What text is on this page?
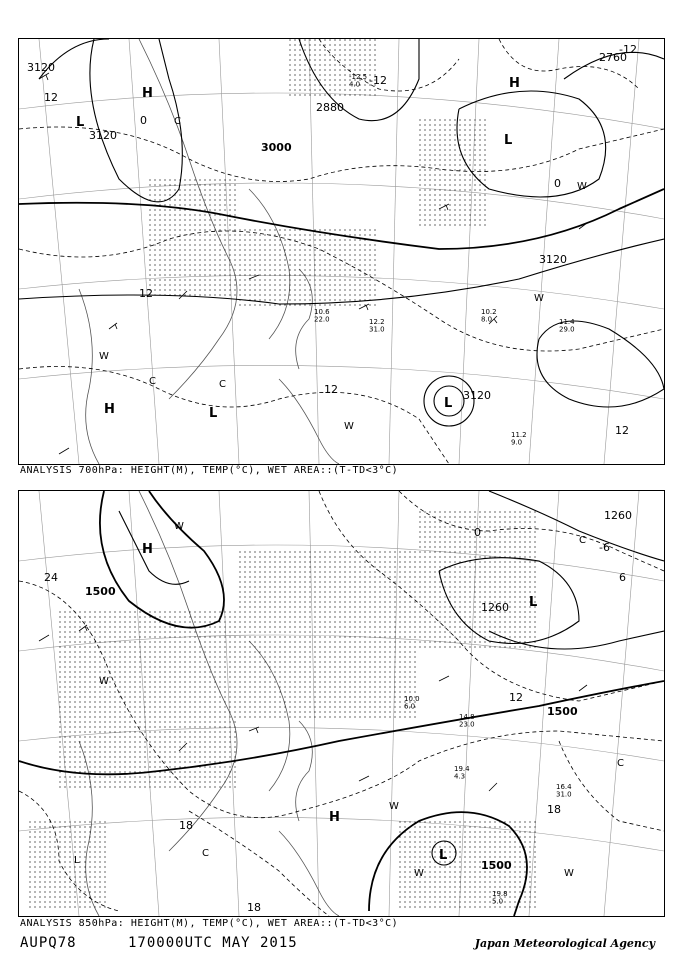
3120
3120
2880
3000
3120
3120
2760
12
12
12
-12
0
0
12
-12
H
L
L
L
H
H
L
W
W
W
C
C
C
W
10.2 8.0	11.4 29.0
12.2 31.0
11.2 9.0
-12.5 4.0
10.6 22.0
ANALYSIS 700hPa: HEIGHT(M), TEMP(°C), WET AREA::(T-TD<3°C)
1500
1500
1500
1260
1260
24
18
18
18
12
6
0
-6
H
L
L
H
C
W
W
W	W
C
L
C
W
19.8 5.0
16.4 31.0
19.4 4.3
14.8 23.0
10.0 6.0
ANALYSIS 850hPa: HEIGHT(M), TEMP(°C), WET AREA::(T-TD<3°C)
AUPQ78	170000UTC MAY 2015	Japan Meteorological Agency
